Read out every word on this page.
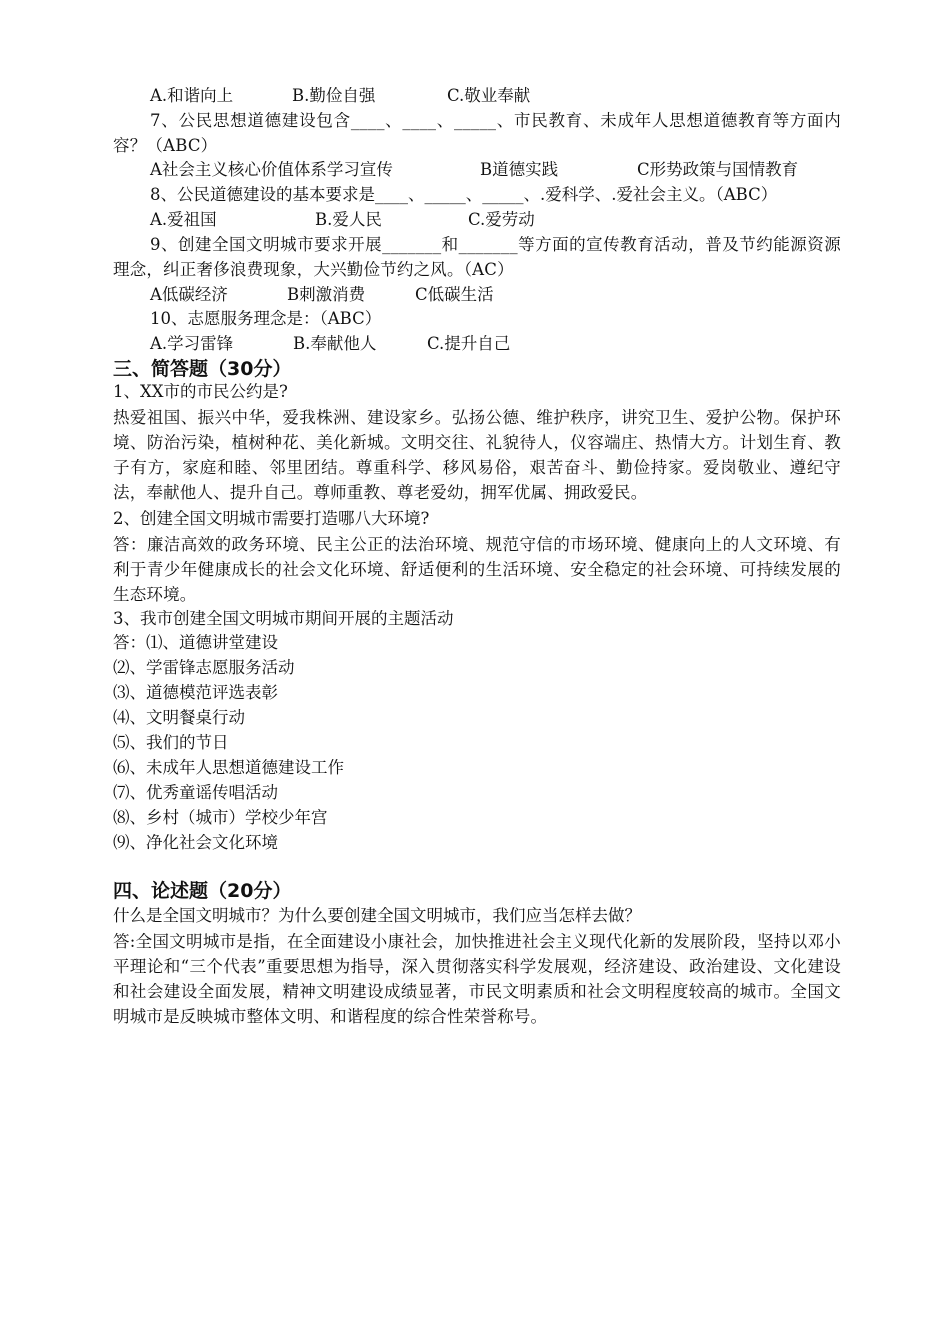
A.和谐向上	B.勤俭自强	C.敬业奉献
7、公民思想道德建设包含____、____、_____、市民教育、未成年人思想道德教育等方面内容？（ABC）
A社会主义核心价值体系学习宣传	B道德实践	C形势政策与国情教育
8、公民道德建设的基本要求是____、_____、_____、.爱科学、.爱社会主义。（ABC）
A.爱祖国	B.爱人民	C.爱劳动
9、创建全国文明城市要求开展_______和_______等方面的宣传教育活动，普及节约能源资源理念，纠正奢侈浪费现象，大兴勤俭节约之风。（AC）
A低碳经济	B刺激消费	C低碳生活
10、志愿服务理念是：（ABC）
A.学习雷锋	B.奉献他人	C.提升自己
三、简答题（30分）
1、XX市的市民公约是?
热爱祖国、振兴中华，爱我株洲、建设家乡。弘扬公德、维护秩序，讲究卫生、爱护公物。保护环境、防治污染，植树种花、美化新城。文明交往、礼貌待人，仪容端庄、热情大方。计划生育、教子有方，家庭和睦、邻里团结。尊重科学、移风易俗，艰苦奋斗、勤俭持家。爱岗敬业、遵纪守法，奉献他人、提升自己。尊师重教、尊老爱幼，拥军优属、拥政爱民。
2、创建全国文明城市需要打造哪八大环境?
答：廉洁高效的政务环境、民主公正的法治环境、规范守信的市场环境、健康向上的人文环境、有利于青少年健康成长的社会文化环境、舒适便利的生活环境、安全稳定的社会环境、可持续发展的生态环境。
3、我市创建全国文明城市期间开展的主题活动
答：⑴、道德讲堂建设
⑵、学雷锋志愿服务活动
⑶、道德模范评选表彰
⑷、文明餐桌行动
⑸、我们的节日
⑹、未成年人思想道德建设工作
⑺、优秀童谣传唱活动
⑻、乡村（城市）学校少年宫
⑼、净化社会文化环境
四、论述题（20分）
什么是全国文明城市？为什么要创建全国文明城市，我们应当怎样去做？
答:全国文明城市是指，在全面建设小康社会，加快推进社会主义现代化新的发展阶段，坚持以邓小平理论和“三个代表”重要思想为指导，深入贯彻落实科学发展观，经济建设、政治建设、文化建设和社会建设全面发展，精神文明建设成绩显著，市民文明素质和社会文明程度较高的城市。全国文明城市是反映城市整体文明、和谐程度的综合性荣誉称号。
